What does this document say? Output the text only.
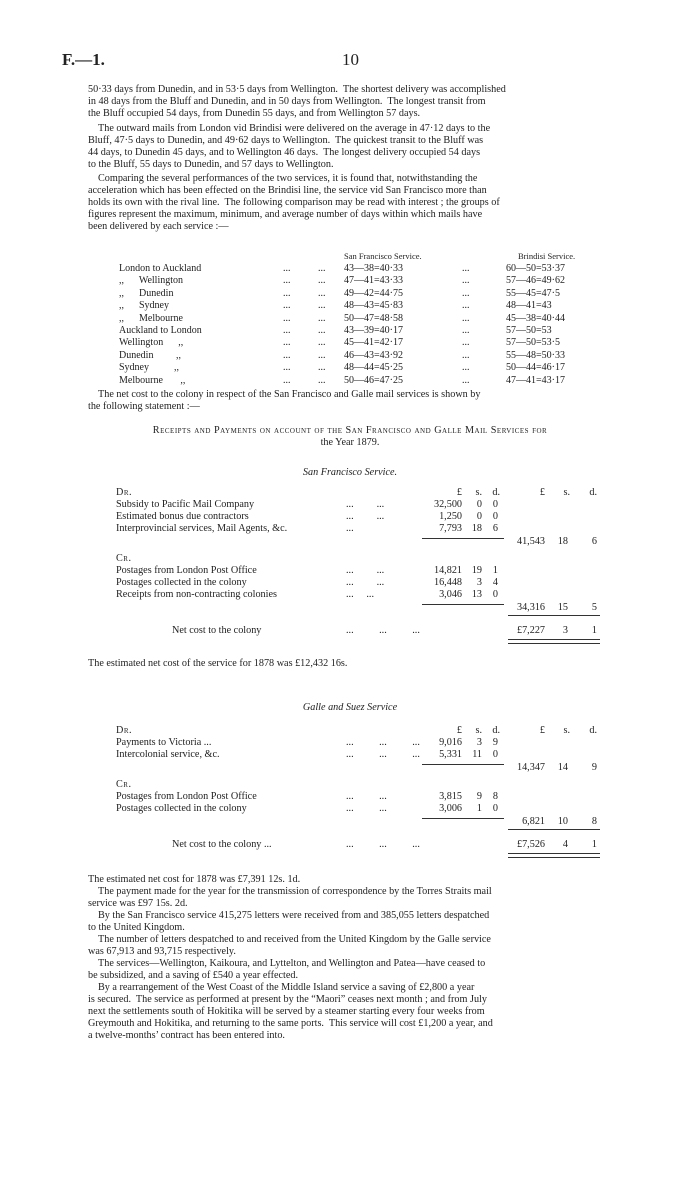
F.—1.	10
50·33 days from Dunedin, and in 53·5 days from Wellington.  The shortest delivery was accomplished
in 48 days from the Bluff and Dunedin, and in 50 days from Wellington.  The longest transit from
the Bluff occupied 54 days, from Dunedin 55 days, and from Wellington 57 days.
The outward mails from London vid Brindisi were delivered on the average in 47·12 days to the
Bluff, 47·5 days to Dunedin, and 49·62 days to Wellington.  The quickest transit to the Bluff was
44 days, to Dunedin 45 days, and to Wellington 46 days.  The longest delivery occupied 54 days
to the Bluff, 55 days to Dunedin, and 57 days to Wellington.
Comparing the several performances of the two services, it is found that, notwithstanding the
acceleration which has been effected on the Brindisi line, the service vid San Francisco more than
holds its own with the rival line.  The following comparison may be read with interest ; the groups of
figures represent the maximum, minimum, and average number of days within which mails have
been delivered by each service :—
San Francisco Service.	Brindisi Service.
London to Auckland	...	... 43—38=40·33	...	60—50=53·37
,,      Wellington	...	... 47—41=43·33	...	57—46=49·62
,,      Dunedin	...	... 49—42=44·75	...	55—45=47·5
,,      Sydney	...	... 48—43=45·83	...	48—41=43
,,      Melbourne	...	... 50—47=48·58	...	45—38=40·44
Auckland to London	...	... 43—39=40·17	...	57—50=53
Wellington      ,,	...	... 45—41=42·17	...	57—50=53·5
Dunedin         ,,	...	... 46—43=43·92	...	55—48=50·33
Sydney          ,,	...	... 48—44=45·25	...	50—44=46·17
Melbourne       ,,	...	... 50—46=47·25	...	47—41=43·17
The net cost to the colony in respect of the San Francisco and Galle mail services is shown by
the following statement :—
Receipts and Payments on account of the San Francisco and Galle Mail Services for
the Year 1879.
San Francisco Service.
Dr.	£ s. d.	£ s. d.
Subsidy to Pacific Mail Company	...         ...	32,500 0 0
Estimated bonus due contractors	...         ...	1,250 0 0
Interprovincial services, Mail Agents, &c.	...	7,793 18 6
41,543 18 6
Cr.
Postages from London Post Office	...         ...	14,821 19 1
Postages collected in the colony	...         ...	16,448 3 4
Receipts from non-contracting colonies	...     ...	3,046 13 0
34,316 15 5
Net cost to the colony	...          ...          ...	£7,227 3 1
The estimated net cost of the service for 1878 was £12,432 16s.
Galle and Suez Service
Dr.	£ s. d.	£ s. d.
Payments to Victoria ...	...          ...          ... 9,016 3 9
Intercolonial service, &c.	...          ...          ... 5,331 11 0
14,347 14 9
Cr.
Postages from London Post Office	...          ...	3,815 9 8
Postages collected in the colony	...          ...	3,006 1 0
6,821 10 8
Net cost to the colony ...	...          ...          ...	£7,526 4 1
The estimated net cost for 1878 was £7,391 12s. 1d.
The payment made for the year for the transmission of correspondence by the Torres Straits mail
service was £97 15s. 2d.
By the San Francisco service 415,275 letters were received from and 385,055 letters despatched
to the United Kingdom.
The number of letters despatched to and received from the United Kingdom by the Galle service
was 67,913 and 93,715 respectively.
The services—Wellington, Kaikoura, and Lyttelton, and Wellington and Patea—have ceased to
be subsidized, and a saving of £540 a year effected.
By a rearrangement of the West Coast of the Middle Island service a saving of £2,800 a year
is secured.  The service as performed at present by the “Maori” ceases next month ; and from July
next the settlements south of Hokitika will be served by a steamer starting every four weeks from
Greymouth and Hokitika, and returning to the same ports.  This service will cost £1,200 a year, and
a twelve-months’ contract has been entered into.
